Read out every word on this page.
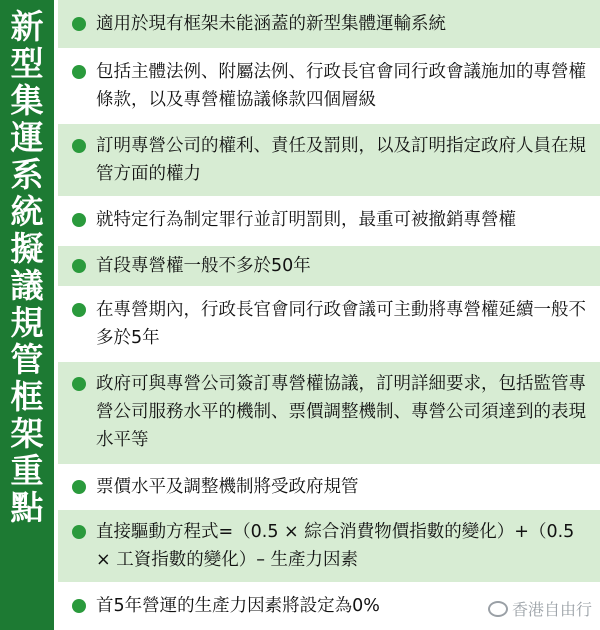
新
型
集
運
系
統
擬
議
規
管
框
架
重
點
適用於現有框架未能涵蓋的新型集體運輸系統
包括主體法例、附屬法例、行政長官會同行政會議施加的專營權條款，以及專營權協議條款四個層級
訂明專營公司的權利、責任及罰則，以及訂明指定政府人員在規管方面的權力
就特定行為制定罪行並訂明罰則，最重可被撤銷專營權
首段專營權一般不多於50年
在專營期內，行政長官會同行政會議可主動將專營權延續一般不多於5年
政府可與專營公司簽訂專營權協議，訂明詳細要求，包括監管專營公司服務水平的機制、票價調整機制、專營公司須達到的表現水平等
票價水平及調整機制將受政府規管
直接驅動方程式=（0.5 × 綜合消費物價指數的變化）+（0.5 × 工資指數的變化）– 生產力因素
首5年營運的生產力因素將設定為0%	香港自由行
